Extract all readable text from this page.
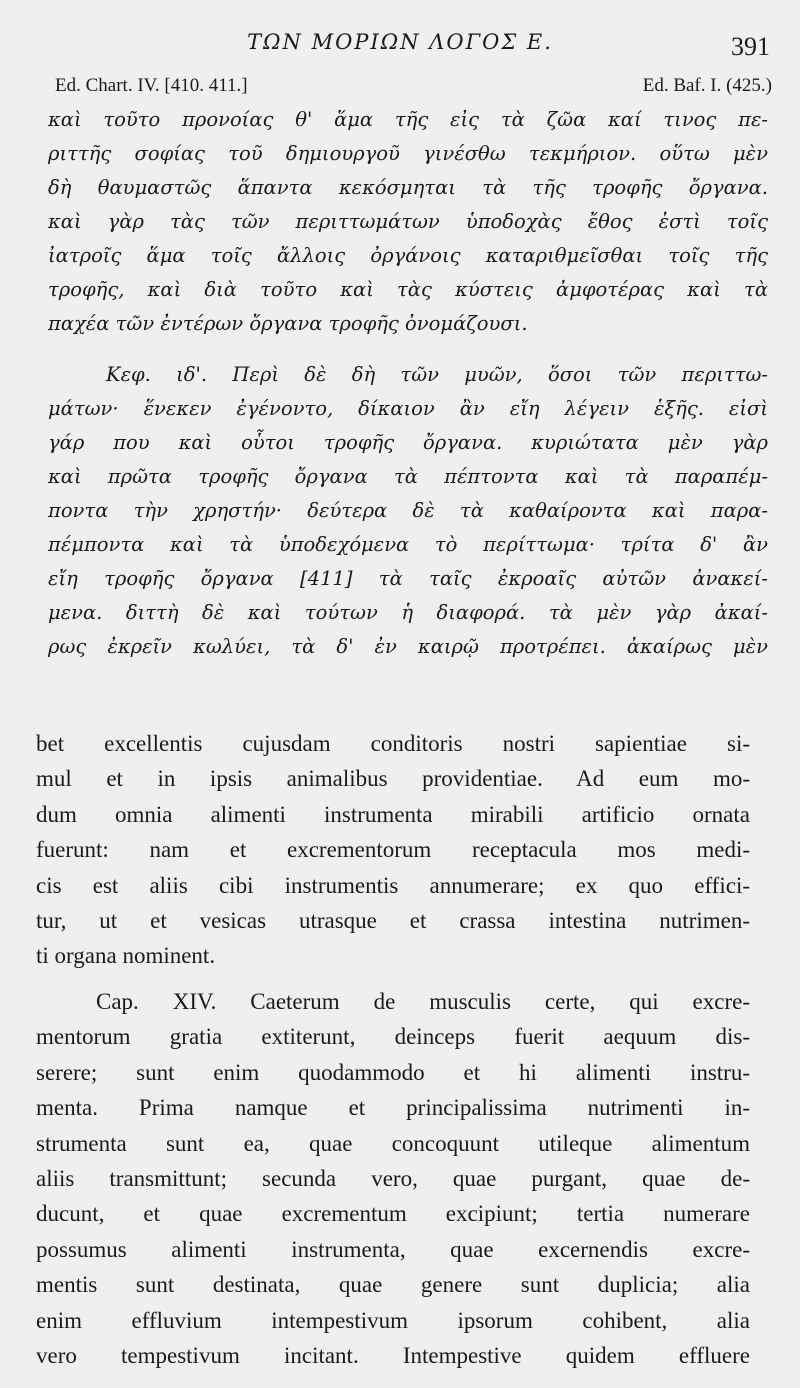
ΤΩΝ ΜΟΡΙΩΝ ΛΟΓΟΣ Ε.	391
Ed. Chart. IV. [410. 411.]	Ed. Baf. I. (425.)
καὶ τοῦτο προνοίας θ' ἅμα τῆς εἰς τὰ ζῶα καί τινος πε-
ριττῆς σοφίας τοῦ δημιουργοῦ γινέσθω τεκμήριον. οὕτω μὲν
δὴ θαυμαστῶς ἅπαντα κεκόσμηται τὰ τῆς τροφῆς ὄργανα.
καὶ γὰρ τὰς τῶν περιττωμάτων ὑποδοχὰς ἔθος ἐστὶ τοῖς
ἰατροῖς ἅμα τοῖς ἄλλοις ὀργάνοις καταριθμεῖσθαι τοῖς τῆς
τροφῆς, καὶ διὰ τοῦτο καὶ τὰς κύστεις ἀμφοτέρας καὶ τὰ
παχέα τῶν ἐντέρων ὄργανα τροφῆς ὀνομάζουσι.
Κεφ. ιδ'. Περὶ δὲ δὴ τῶν μυῶν, ὅσοι τῶν περιττω-
μάτων· ἕνεκεν ἐγένοντο, δίκαιον ἂν εἴη λέγειν ἑξῆς. εἰσὶ
γάρ που καὶ οὗτοι τροφῆς ὄργανα. κυριώτατα μὲν γὰρ
καὶ πρῶτα τροφῆς ὄργανα τὰ πέπτοντα καὶ τὰ παραπέμ-
ποντα τὴν χρηστήν· δεύτερα δὲ τὰ καθαίροντα καὶ παρα-
πέμποντα καὶ τὰ ὑποδεχόμενα τὸ περίττωμα· τρίτα δ' ἂν
εἴη τροφῆς ὄργανα [411] τὰ ταῖς ἐκροαῖς αὐτῶν ἀνακεί-
μενα. διττὴ δὲ καὶ τούτων ἡ διαφορά. τὰ μὲν γὰρ ἀκαί-
ρως ἐκρεῖν κωλύει, τὰ δ' ἐν καιρῷ προτρέπει. ἀκαίρως μὲν
bet excellentis cujusdam conditoris nostri sapientiae si-
mul et in ipsis animalibus providentiae. Ad eum mo-
dum omnia alimenti instrumenta mirabili artificio ornata
fuerunt: nam et excrementorum receptacula mos medi-
cis est aliis cibi instrumentis annumerare; ex quo effici-
tur, ut et vesicas utrasque et crassa intestina nutrimen-
ti organa nominent.
Cap. XIV. Caeterum de musculis certe, qui excre-
mentorum gratia extiterunt, deinceps fuerit aequum dis-
serere; sunt enim quodammodo et hi alimenti instru-
menta. Prima namque et principalissima nutrimenti in-
strumenta sunt ea, quae concoquunt utileque alimentum
aliis transmittunt; secunda vero, quae purgant, quae de-
ducunt, et quae excrementum excipiunt; tertia numerare
possumus alimenti instrumenta, quae excernendis excre-
mentis sunt destinata, quae genere sunt duplicia; alia
enim effluvium intempestivum ipsorum cohibent, alia
vero tempestivum incitant. Intempestive quidem effluere
